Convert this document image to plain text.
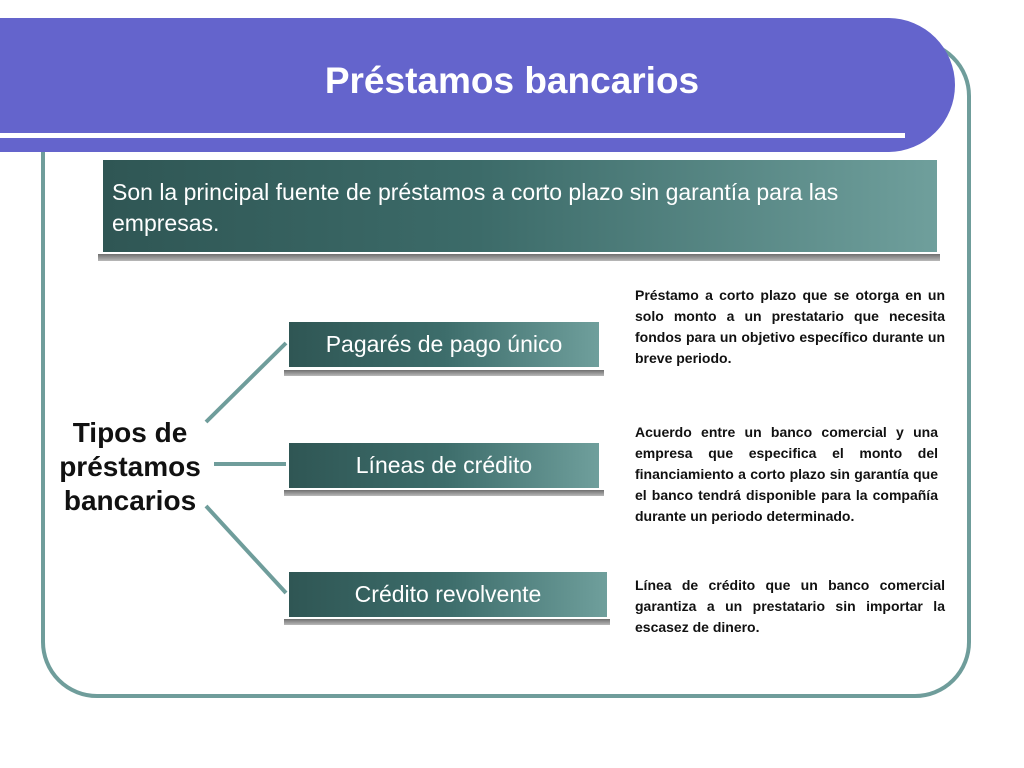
Préstamos bancarios
Son la principal fuente de préstamos a corto plazo sin garantía para las empresas.
Tipos de préstamos bancarios
Pagarés de pago único
Préstamo a corto plazo que se otorga en un solo monto a un prestatario que necesita fondos para un objetivo específico durante un breve periodo.
Líneas de crédito
Acuerdo entre un banco comercial y una empresa que especifica el monto del financiamiento a corto plazo sin garantía que el banco tendrá disponible para la compañía durante un periodo determinado.
Crédito revolvente	Línea de crédito que un banco comercial garantiza a un prestatario sin importar la escasez de dinero.
